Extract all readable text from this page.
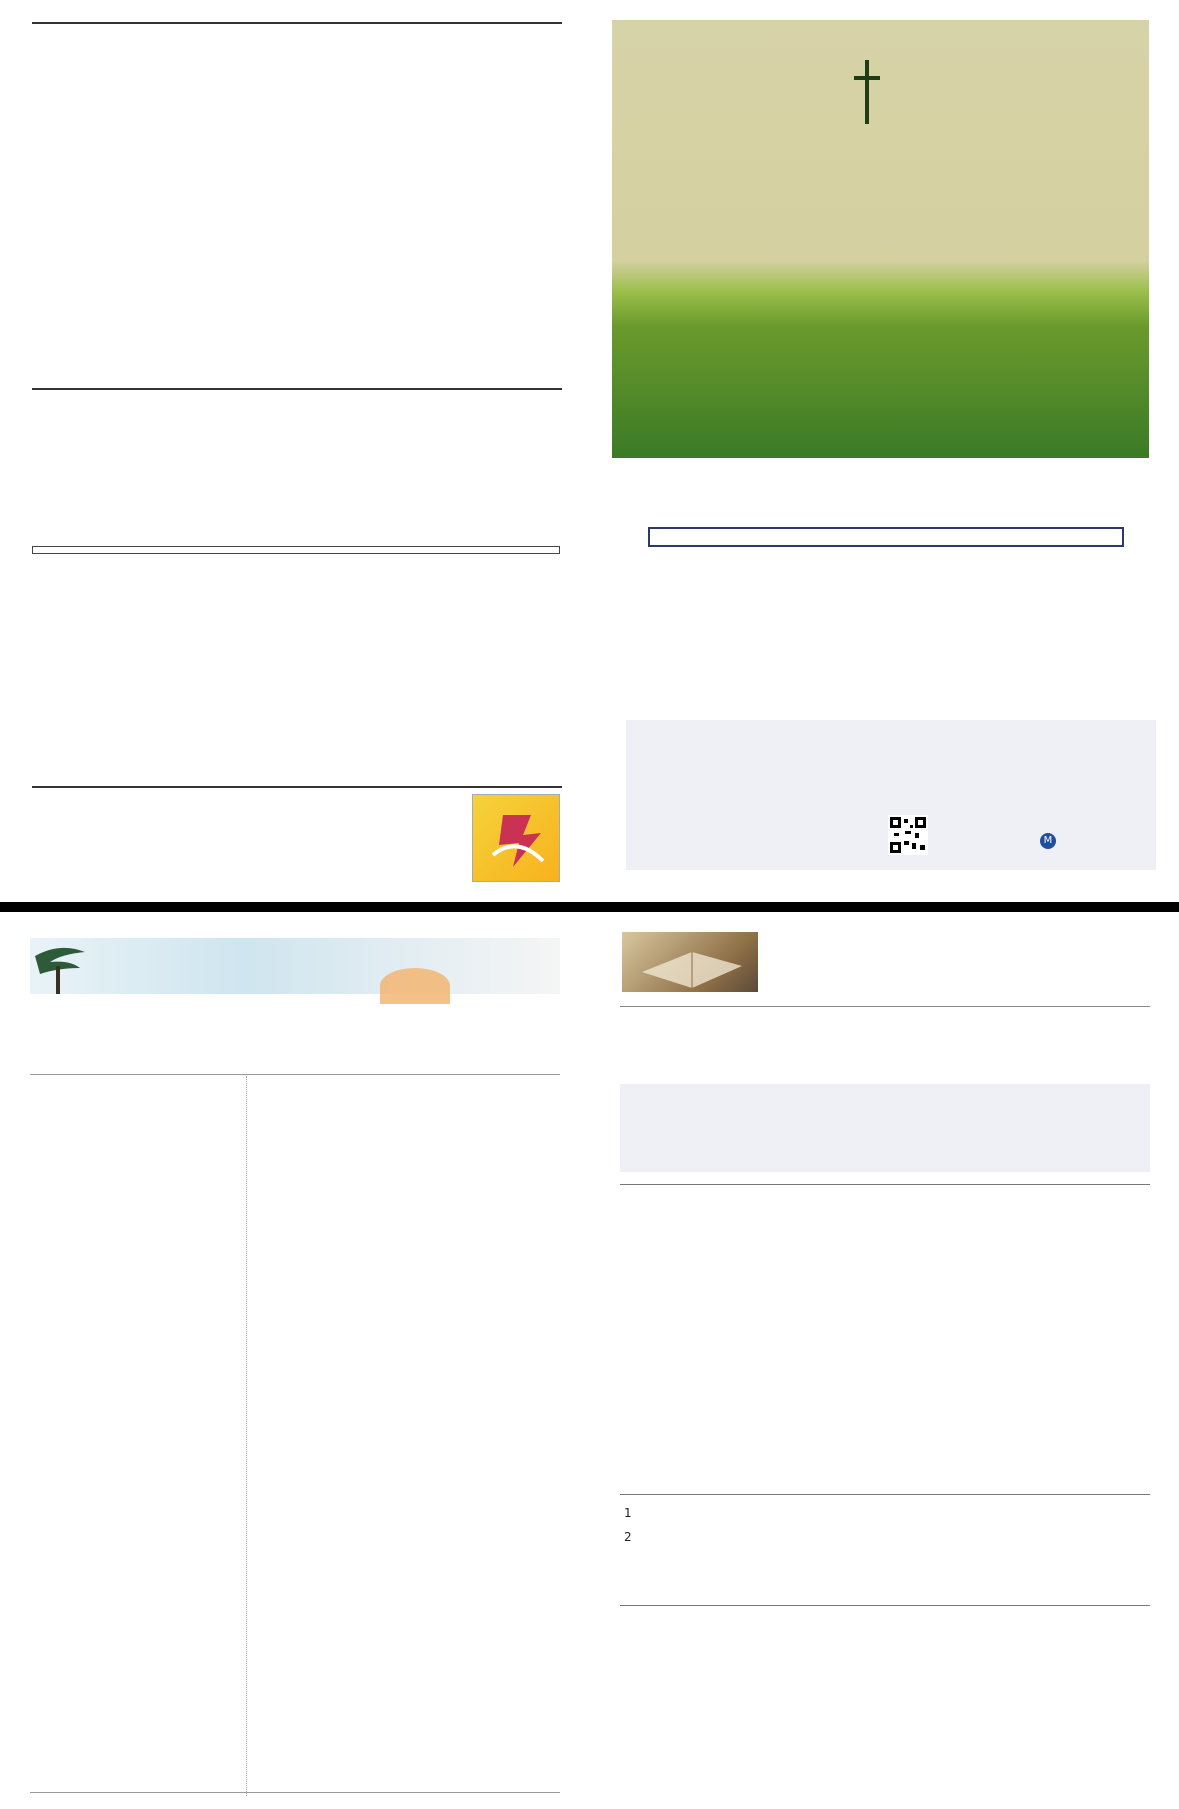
M
1
2
